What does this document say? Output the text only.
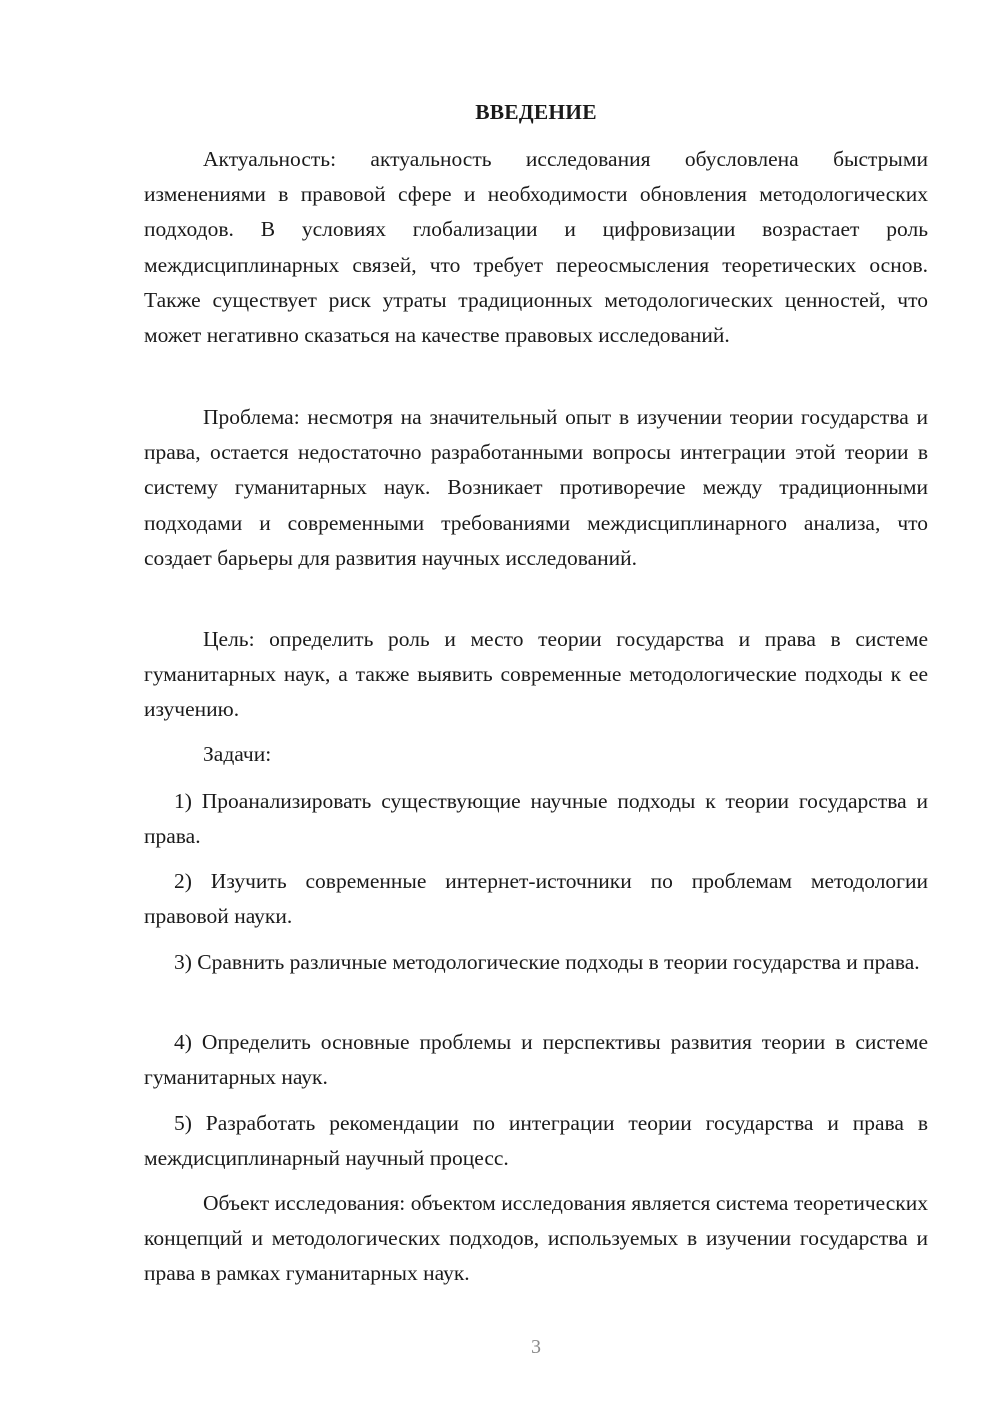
ВВЕДЕНИЕ

Актуальность: актуальность исследования обусловлена быстрыми изменениями в правовой сфере и необходимости обновления методологических подходов. В условиях глобализации и цифровизации возрастает роль междисциплинарных связей, что требует переосмысления теоретических основ. Также существует риск утраты традиционных методологических ценностей, что может негативно сказаться на качестве правовых исследований.

Проблема: несмотря на значительный опыт в изучении теории государства и права, остается недостаточно разработанными вопросы интеграции этой теории в систему гуманитарных наук. Возникает противоречие между традиционными подходами и современными требованиями междисциплинарного анализа, что создает барьеры для развития научных исследований.

Цель: определить роль и место теории государства и права в системе гуманитарных наук, а также выявить современные методологические подходы к ее изучению.

Задачи:

1) Проанализировать существующие научные подходы к теории государства и права.

2) Изучить современные интернет-источники по проблемам методологии правовой науки.

3) Сравнить различные методологические подходы в теории государства и права.

4) Определить основные проблемы и перспективы развития теории в системе гуманитарных наук.

5) Разработать рекомендации по интеграции теории государства и права в междисциплинарный научный процесс.

Объект исследования: объектом исследования является система теоретических концепций и методологических подходов, используемых в изучении государства и права в рамках гуманитарных наук.

3
